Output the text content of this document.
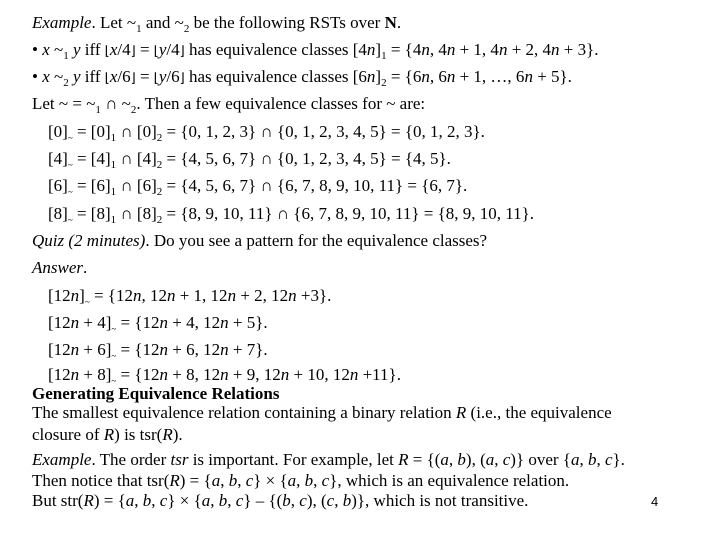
Example. Let $\sim_1$ and $\sim_2$ be the following RSTs over N.
• x $\sim_1$ y iff ⌊x/4⌋ = ⌊y/4⌋ has equivalence classes $[4n]_1 = \{4n$, 4n + 1, 4n + 2, 4n + 3}.
• x $\sim_2$ y iff ⌊x/6⌋ = ⌊y/6⌋ has equivalence classes $[6n]_2 = \{6n$, 6n + 1, …, 6n + 5}.
Let ~ = $\sim_1$ ∩ $\sim_2$. Then a few equivalence classes for ~ are:
$[0]_\sim = [0]_1$ ∩ $[0]_2 = \{0$, 1, 2, 3} ∩ {0, 1, 2, 3, 4, 5} = {0, 1, 2, 3}.
$[4]_\sim = [4]_1$ ∩ $[4]_2 = \{4$, 5, 6, 7} ∩ {0, 1, 2, 3, 4, 5} = {4, 5}.
$[6]_\sim = [6]_1$ ∩ $[6]_2 = \{4$, 5, 6, 7} ∩ {6, 7, 8, 9, 10, 11} = {6, 7}.
$[8]_\sim = [8]_1$ ∩ $[8]_2 = \{8$, 9, 10, 11} ∩ {6, 7, 8, 9, 10, 11} = {8, 9, 10, 11}.
Quiz (2 minutes). Do you see a pattern for the equivalence classes?
Answer.
$[12n]_\sim = \{12n$, 12n + 1, 12n + 2, 12n +3}.
$[12n + 4]_\sim = \{12n + 4$, 12n + 5}.
$[12n + 6]_\sim = \{12n + 6$, 12n + 7}.
$[12n + 8]_\sim = \{12n + 8$, 12n + 9, 12n + 10, 12n +11}.
Generating Equivalence Relations
The smallest equivalence relation containing a binary relation R (i.e., the equivalence
closure of R) is tsr(R).
Example. The order tsr is important. For example, let R = {(a, b), (a, c)} over {a, b, c}.
Then notice that tsr(R) = {a, b, c} × {a, b, c}, which is an equivalence relation.
But str(R) = {a, b, c} × {a, b, c} – {(b, c), (c, b)}, which is not transitive.	4
